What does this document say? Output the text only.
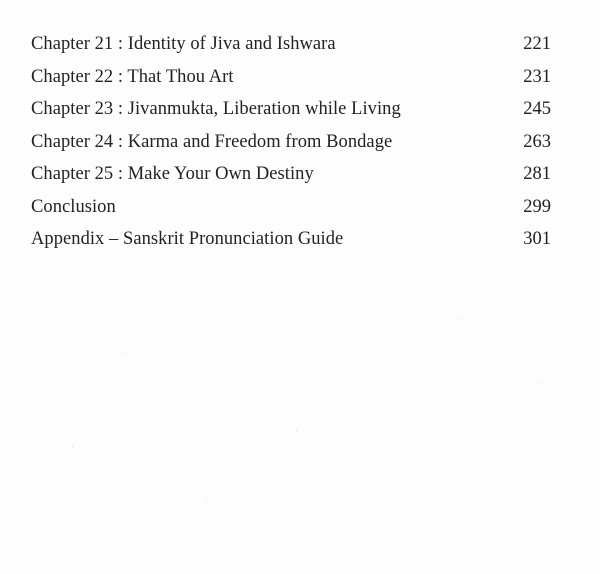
Chapter 21 : Identity of Jiva and Ishwara	221
Chapter 22 : That Thou Art	231
Chapter 23 : Jivanmukta, Liberation while Living	245
Chapter 24 : Karma and Freedom from Bondage	263
Chapter 25 : Make Your Own Destiny	281
Conclusion	299
Appendix – Sanskrit Pronunciation Guide	301
